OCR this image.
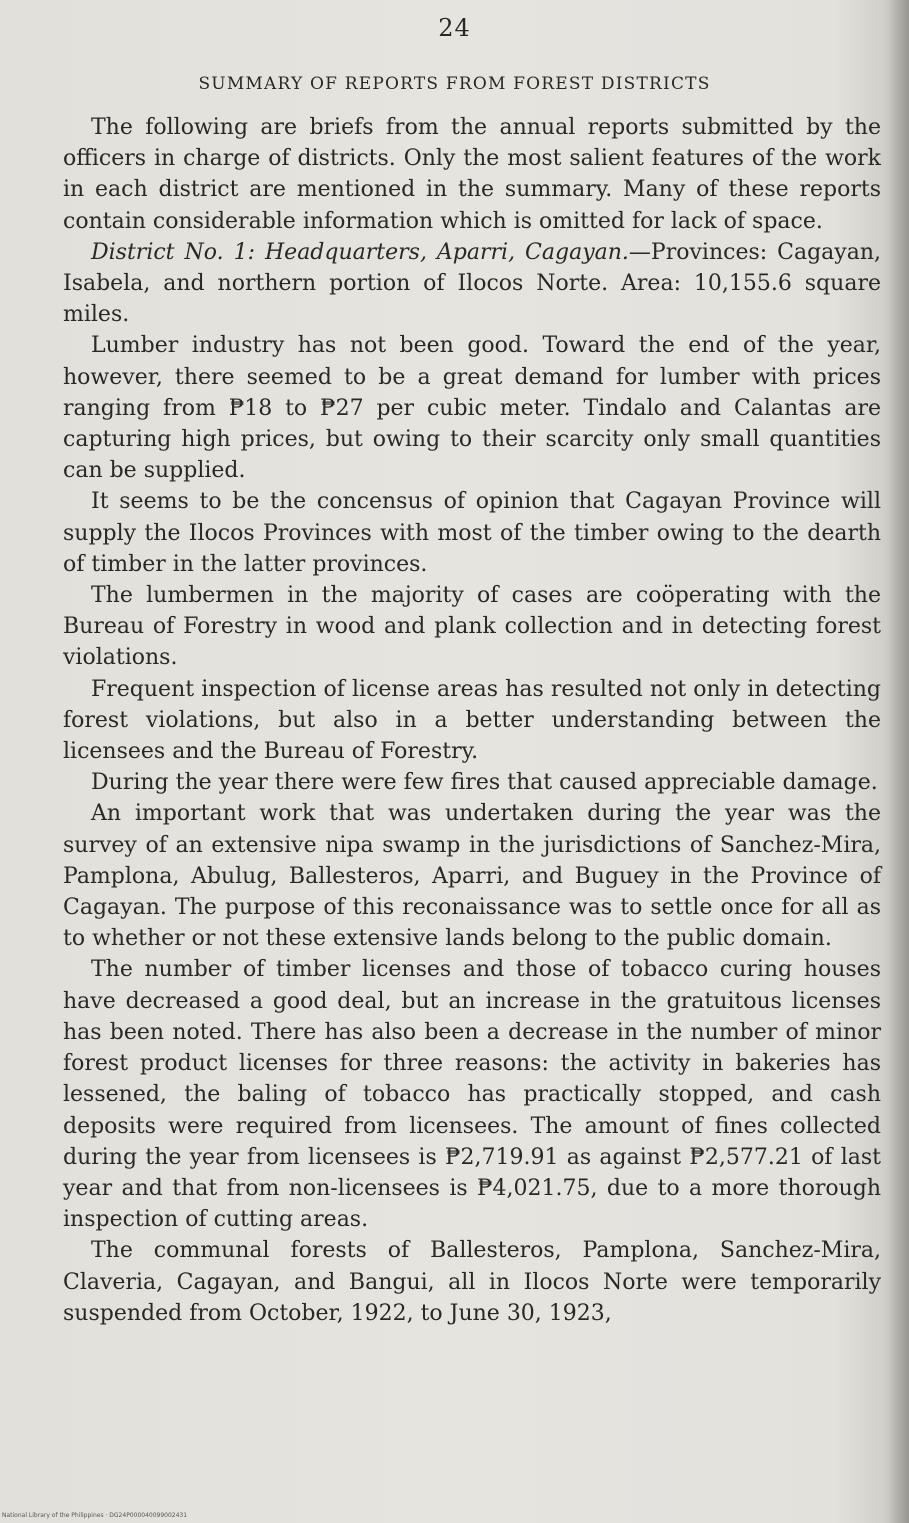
24
SUMMARY OF REPORTS FROM FOREST DISTRICTS

The following are briefs from the annual reports submitted by the officers in charge of districts. Only the most salient features of the work in each district are mentioned in the summary. Many of these reports contain considerable information which is omitted for lack of space.

District No. 1: Headquarters, Aparri, Cagayan.—Provinces: Cagayan, Isabela, and northern portion of Ilocos Norte. Area: 10,155.6 square miles.

Lumber industry has not been good. Toward the end of the year, however, there seemed to be a great demand for lumber with prices ranging from ₱18 to ₱27 per cubic meter. Tindalo and Calantas are capturing high prices, but owing to their scarcity only small quantities can be supplied.

It seems to be the concensus of opinion that Cagayan Province will supply the Ilocos Provinces with most of the timber owing to the dearth of timber in the latter provinces.

The lumbermen in the majority of cases are coöperating with the Bureau of Forestry in wood and plank collection and in detecting forest violations.

Frequent inspection of license areas has resulted not only in detecting forest violations, but also in a better understanding between the licensees and the Bureau of Forestry.

During the year there were few fires that caused appreciable damage.

An important work that was undertaken during the year was the survey of an extensive nipa swamp in the jurisdictions of Sanchez-Mira, Pamplona, Abulug, Ballesteros, Aparri, and Buguey in the Province of Cagayan. The purpose of this reconaissance was to settle once for all as to whether or not these extensive lands belong to the public domain.

The number of timber licenses and those of tobacco curing houses have decreased a good deal, but an increase in the gratuitous licenses has been noted. There has also been a decrease in the number of minor forest product licenses for three reasons: the activity in bakeries has lessened, the baling of tobacco has practically stopped, and cash deposits were required from licensees. The amount of fines collected during the year from licensees is ₱2,719.91 as against ₱2,577.21 of last year and that from non-licensees is ₱4,021.75, due to a more thorough inspection of cutting areas.

The communal forests of Ballesteros, Pamplona, Sanchez-Mira, Claveria, Cagayan, and Bangui, all in Ilocos Norte were temporarily suspended from October, 1922, to June 30, 1923,

National Library of the Philippines · DG24P000040099002431
